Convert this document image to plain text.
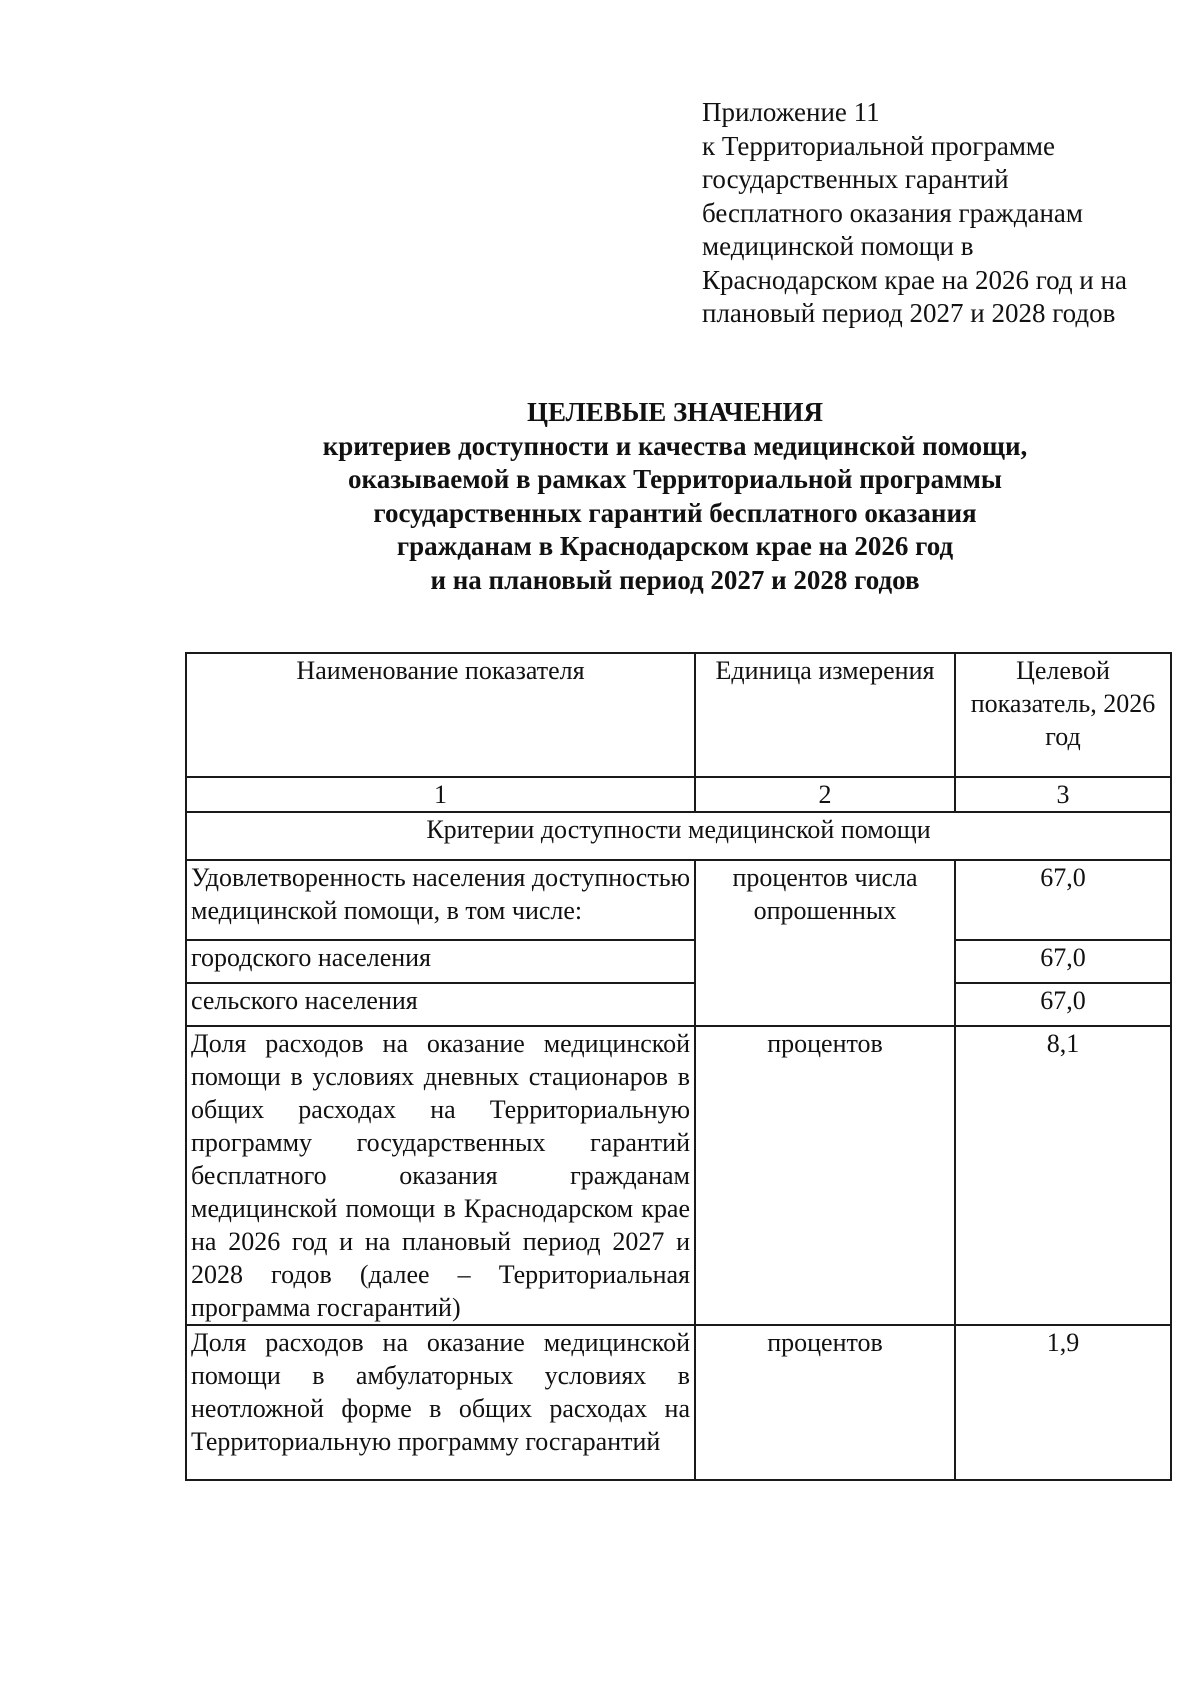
Приложение 11
к Территориальной программе
государственных гарантий
бесплатного оказания гражданам
медицинской помощи в
Краснодарском крае на 2026 год и на
плановый период 2027 и 2028 годов
ЦЕЛЕВЫЕ ЗНАЧЕНИЯ
критериев доступности и качества медицинской помощи,
оказываемой в рамках Территориальной программы
государственных гарантий бесплатного оказания
гражданам в Краснодарском крае на 2026 год
и на плановый период 2027 и 2028 годов
Наименование показателя	Единица измерения	Целевой показатель, 2026 год
1	2	3
Критерии доступности медицинской помощи		
Удовлетворенность населения доступностью медицинской помощи, в том числе:	процентов числа опрошенных	67,0
городского населения		67,0
сельского населения		67,0
Доля расходов на оказание медицинской помощи в условиях дневных стационаров в общих расходах на Территориальную программу государственных гарантий бесплатного оказания гражданам медицинской помощи в Краснодарском крае на 2026 год и на плановый период 2027 и 2028 годов (далее – Территориальная программа госгарантий)	процентов	8,1
Доля расходов на оказание медицинской помощи в амбулаторных условиях в неотложной форме в общих расходах на Территориальную программу госгарантий	процентов	1,9
